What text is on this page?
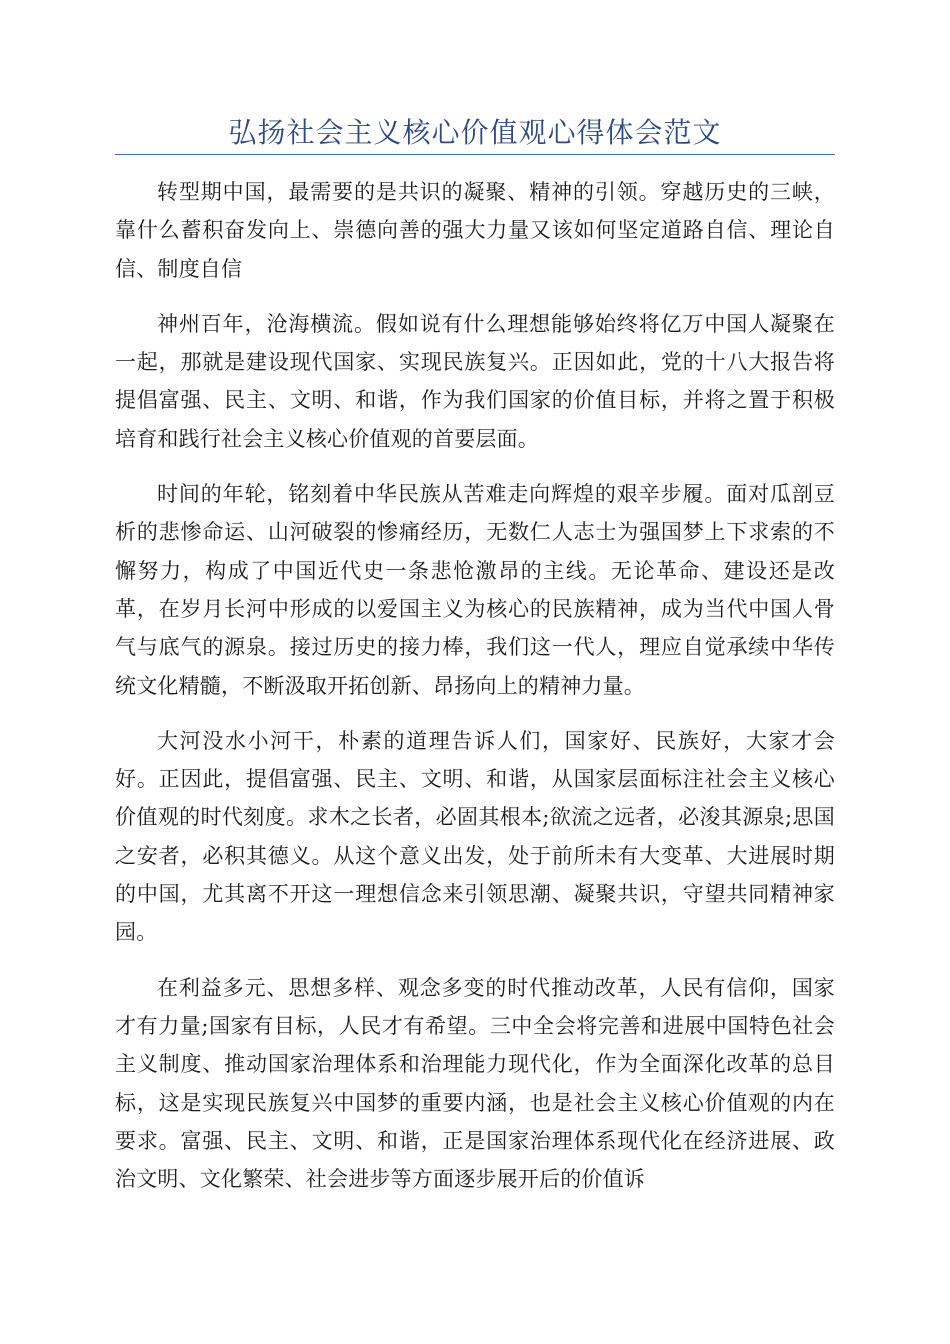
弘扬社会主义核心价值观心得体会范文

转型期中国，最需要的是共识的凝聚、精神的引领。穿越历史的三峡，靠什么蓄积奋发向上、崇德向善的强大力量又该如何坚定道路自信、理论自信、制度自信

神州百年，沧海横流。假如说有什么理想能够始终将亿万中国人凝聚在一起，那就是建设现代国家、实现民族复兴。正因如此，党的十八大报告将提倡富强、民主、文明、和谐，作为我们国家的价值目标，并将之置于积极培育和践行社会主义核心价值观的首要层面。

时间的年轮，铭刻着中华民族从苦难走向辉煌的艰辛步履。面对瓜剖豆析的悲惨命运、山河破裂的惨痛经历，无数仁人志士为强国梦上下求索的不懈努力，构成了中国近代史一条悲怆激昂的主线。无论革命、建设还是改革，在岁月长河中形成的以爱国主义为核心的民族精神，成为当代中国人骨气与底气的源泉。接过历史的接力棒，我们这一代人，理应自觉承续中华传统文化精髓，不断汲取开拓创新、昂扬向上的精神力量。

大河没水小河干，朴素的道理告诉人们，国家好、民族好，大家才会好。正因此，提倡富强、民主、文明、和谐，从国家层面标注社会主义核心价值观的时代刻度。求木之长者，必固其根本;欲流之远者，必浚其源泉;思国之安者，必积其德义。从这个意义出发，处于前所未有大变革、大进展时期的中国，尤其离不开这一理想信念来引领思潮、凝聚共识，守望共同精神家园。

在利益多元、思想多样、观念多变的时代推动改革，人民有信仰，国家才有力量;国家有目标，人民才有希望。三中全会将完善和进展中国特色社会主义制度、推动国家治理体系和治理能力现代化，作为全面深化改革的总目标，这是实现民族复兴中国梦的重要内涵，也是社会主义核心价值观的内在要求。富强、民主、文明、和谐，正是国家治理体系现代化在经济进展、政治文明、文化繁荣、社会进步等方面逐步展开后的价值诉
